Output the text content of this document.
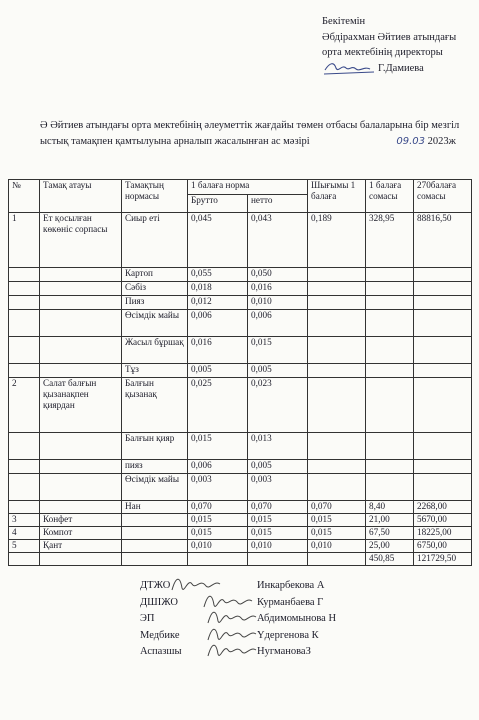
Бекітемін
Әбдірахман Әйтиев атындағы
орта мектебінің директоры
Г.Дамиева

Ә Әйтиев атындағы орта мектебінің әлеуметтік жағдайы төмен отбасы балаларына бір мезгіл ыстық тамақпен қамтылуына арналып жасалынған ас мәзірі	09.03 2023ж
№	Тамақ атауы	Тамақтың нормасы	1 балаға норма		Шығымы 1 балаға	1 балаға сомасы	270балаға сомасы
			Брутто	нетто			
1	Ет қосылған көкөніс сорпасы	Сиыр еті	0,045	0,043	0,189	328,95	88816,50
		Картоп	0,055	0,050			
		Сәбіз	0,018	0,016			
		Пияз	0,012	0,010			
		Өсімдік майы	0,006	0,006			
		Жасыл бұршақ	0,016	0,015			
		Тұз	0,005	0,005			
2	Салат балғын қызанақпен қиярдан	Балғын қызанақ	0,025	0,023			
		Балғын қияр	0,015	0,013			
		пияз	0,006	0,005			
		Өсімдік майы	0,003	0,003			
		Нан	0,070	0,070	0,070	8,40	2268,00
3	Конфет		0,015	0,015	0,015	21,00	5670,00
4	Компот		0,015	0,015	0,015	67,50	18225,00
5	Қант		0,010	0,010	0,010	25,00	6750,00
						450,85	121729,50
ДТЖО	Инкарбекова А
ДШІЖО	Курманбаева Г
ЭП	Абдимомынова Н
Медбике	Үдергенова К
Аспазшы	НугмановаЗ
